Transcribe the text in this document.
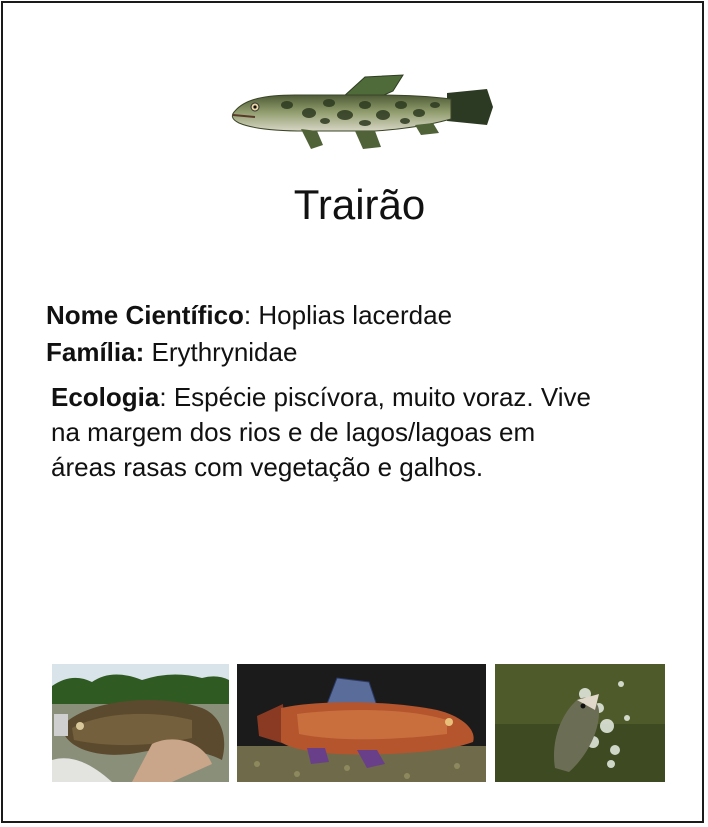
Trairão
Nome Científico: Hoplias lacerdae
Família: Erythrynidae

Ecologia: Espécie piscívora, muito voraz. Vive

na margem dos rios e de lagos/lagoas em

áreas rasas com vegetação e galhos.
